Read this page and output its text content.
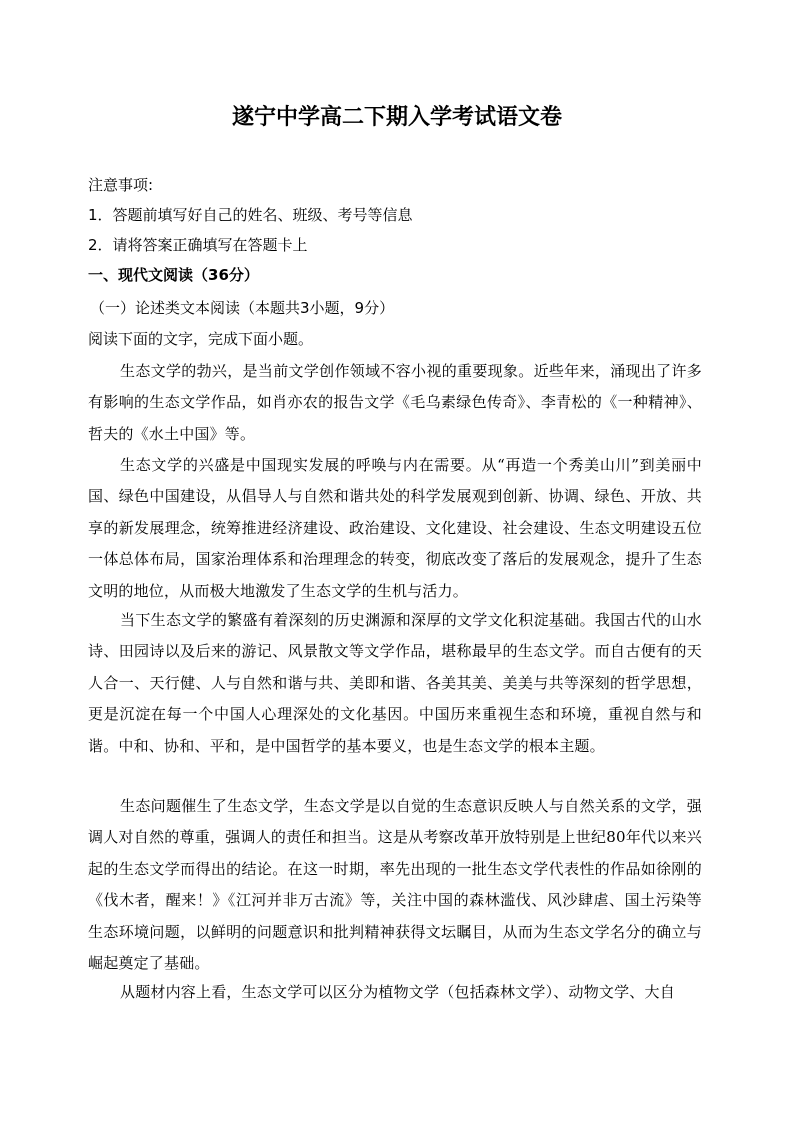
遂宁中学高二下期入学考试语文卷
注意事项:
1．答题前填写好自己的姓名、班级、考号等信息
2．请将答案正确填写在答题卡上
一、现代文阅读（36分）
（一）论述类文本阅读（本题共3小题，9分）
阅读下面的文字，完成下面小题。

生态文学的勃兴，是当前文学创作领域不容小视的重要现象。近些年来，涌现出了许多有影响的生态文学作品，如肖亦农的报告文学《毛乌素绿色传奇》、李青松的《一种精神》、哲夫的《水土中国》等。

生态文学的兴盛是中国现实发展的呼唤与内在需要。从“再造一个秀美山川”到美丽中国、绿色中国建设，从倡导人与自然和谐共处的科学发展观到创新、协调、绿色、开放、共享的新发展理念，统筹推进经济建设、政治建设、文化建设、社会建设、生态文明建设五位一体总体布局，国家治理体系和治理理念的转变，彻底改变了落后的发展观念，提升了生态文明的地位，从而极大地激发了生态文学的生机与活力。

当下生态文学的繁盛有着深刻的历史渊源和深厚的文学文化积淀基础。我国古代的山水诗、田园诗以及后来的游记、风景散文等文学作品，堪称最早的生态文学。而自古便有的天人合一、天行健、人与自然和谐与共、美即和谐、各美其美、美美与共等深刻的哲学思想，更是沉淀在每一个中国人心理深处的文化基因。中国历来重视生态和环境，重视自然与和谐。中和、协和、平和，是中国哲学的基本要义，也是生态文学的根本主题。

生态问题催生了生态文学，生态文学是以自觉的生态意识反映人与自然关系的文学，强调人对自然的尊重，强调人的责任和担当。这是从考察改革开放特别是上世纪80年代以来兴起的生态文学而得出的结论。在这一时期，率先出现的一批生态文学代表性的作品如徐刚的《伐木者，醒来！》《江河并非万古流》等，关注中国的森林滥伐、风沙肆虐、国土污染等生态环境问题，以鲜明的问题意识和批判精神获得文坛瞩目，从而为生态文学名分的确立与崛起奠定了基础。

从题材内容上看，生态文学可以区分为植物文学（包括森林文学）、动物文学、大自
